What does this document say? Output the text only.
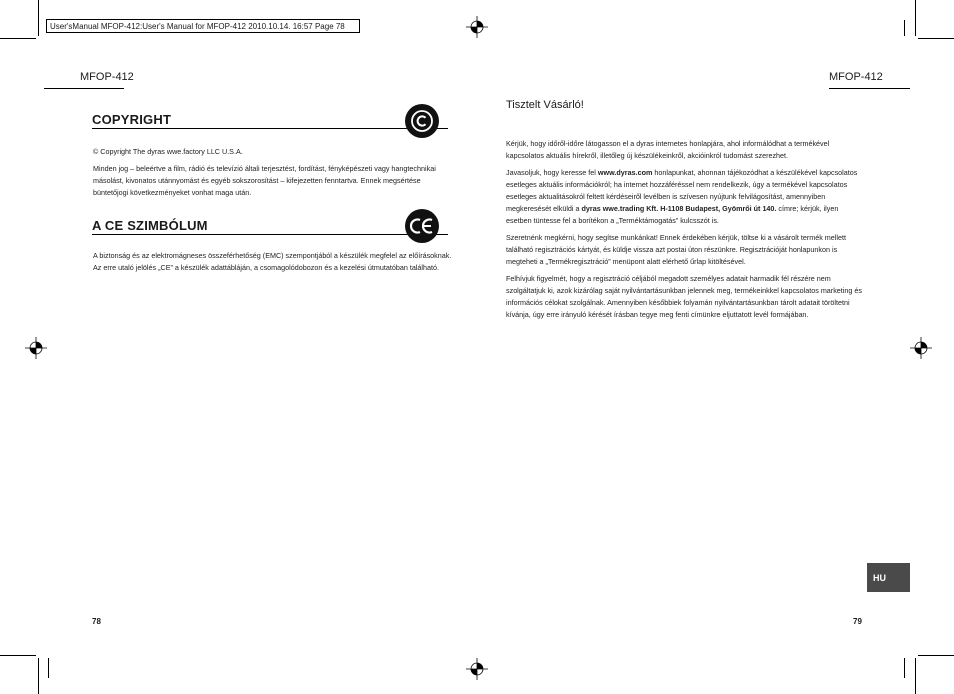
User'sManual MFOP-412:User's Manual for MFOP-412 2010.10.14. 16:57 Page 78
MFOP-412
COPYRIGHT
© Copyright The dyras wwe.factory LLC U.S.A.
Minden jog – beleértve a film, rádió és televízió általi terjesztést, fordítást, fényképészeti vagy hangtechnikai
másolást, kivonatos utánnyomást és egyéb sokszorosítást – kifejezetten fenntartva. Ennek megsértése
büntetőjogi következményeket vonhat maga után.
A CE SZIMBÓLUM
A biztonság és az elektromágneses összeférhetőség (EMC) szempontjából a készülék megfelel az előírásoknak.
Az erre utaló jelölés „CE” a készülék adattábláján, a csomagolódobozon és a kezelési útmutatóban található.
78
MFOP-412
Tisztelt Vásárló!
Kérjük, hogy időről-időre látogasson el a dyras internetes honlapjára, ahol informálódhat a termékével
kapcsolatos aktuális hírekről, illetőleg új készülékeinkről, akcióinkról tudomást szerezhet.
Javasoljuk, hogy keresse fel www.dyras.com honlapunkat, ahonnan tájékozódhat a készülékével kapcsolatos
esetleges aktuális információkról; ha internet hozzáféréssel nem rendelkezik, úgy a termékével kapcsolatos
esetleges aktualitásokról feltett kérdéseiről levélben is szívesen nyújtunk felvilágosítást, amennyiben
megkeresését elküldi a dyras wwe.trading Kft. H-1108 Budapest, Gyömrői út 140. címre; kérjük, ilyen
esetben tüntesse fel a borítékon a „Terméktámogatás” kulcsszót is.
Szeretnénk megkérni, hogy segítse munkánkat! Ennek érdekében kérjük, töltse ki a vásárolt termék mellett
található regisztrációs kártyát, és küldje vissza azt postai úton részünkre. Regisztrációját honlapunkon is
megteheti a „Termékregisztráció” menüpont alatt elérhető űrlap kitöltésével.
Felhívjuk figyelmét, hogy a regisztráció céljából megadott személyes adatait harmadik fél részére nem
szolgáltatjuk ki, azok kizárólag saját nyilvántartásunkban jelennek meg, termékeinkkel kapcsolatos marketing és
információs célokat szolgálnak. Amennyiben későbbiek folyamán nyilvántartásunkban tárolt adatait töröltetni
kívánja, úgy erre irányuló kérését írásban tegye meg fenti címünkre eljuttatott levél formájában.
HU
79
